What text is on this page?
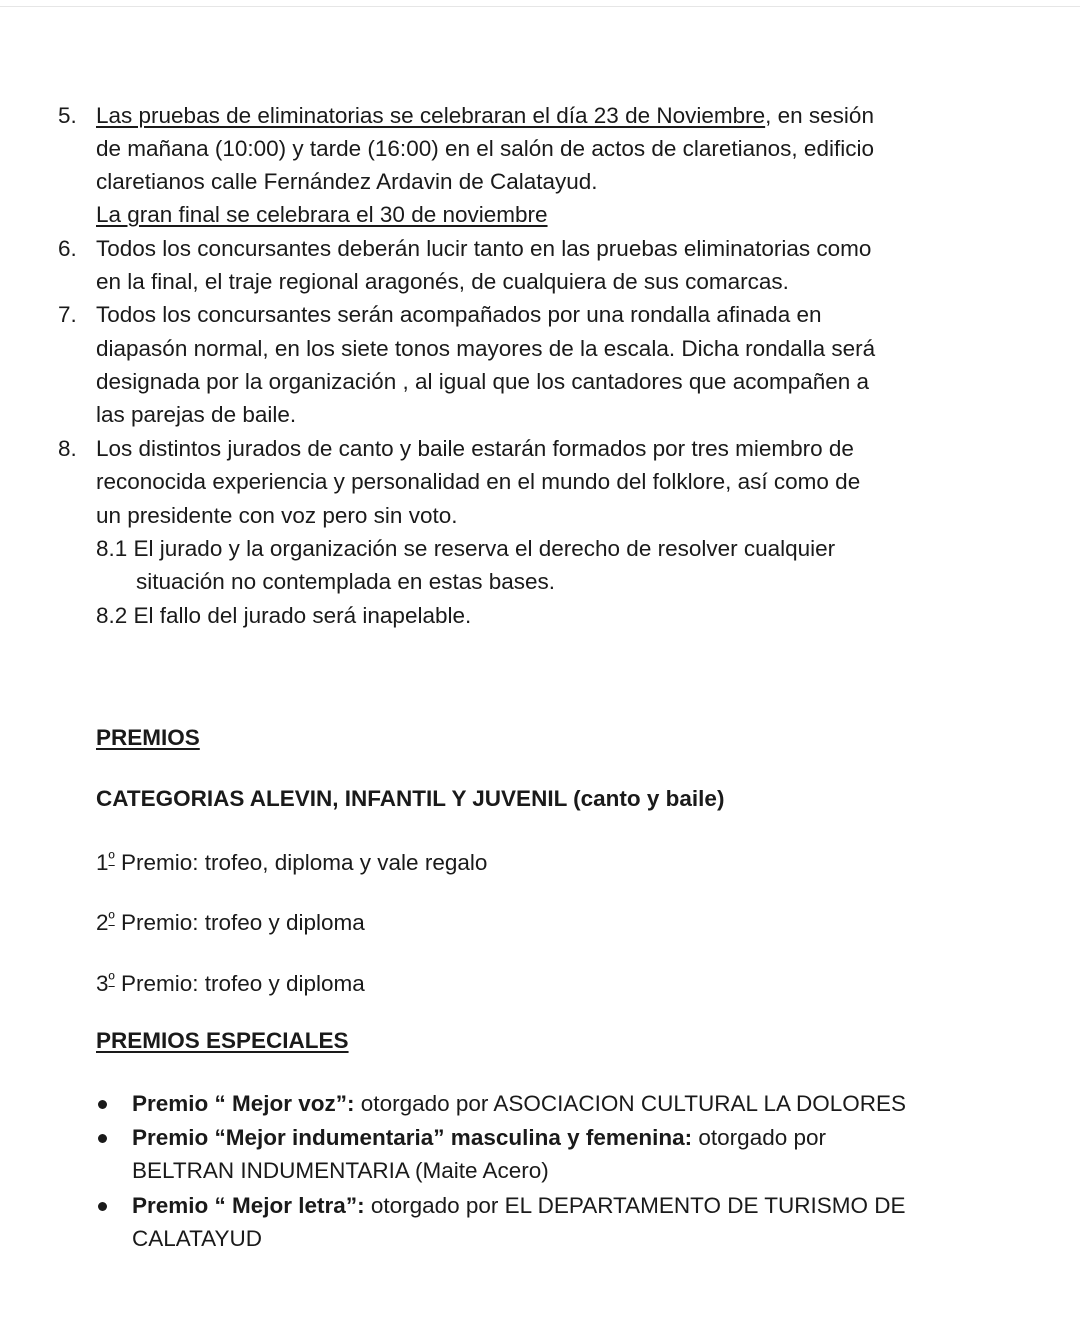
5. Las pruebas de eliminatorias se celebraran el día 23 de Noviembre, en sesión
de mañana (10:00) y tarde (16:00) en el salón de actos de claretianos, edificio
claretianos calle Fernández Ardavin de Calatayud.
La gran final se celebrara el 30 de noviembre
6. Todos los concursantes deberán lucir tanto en las pruebas eliminatorias como
en la final, el traje regional aragonés, de cualquiera de sus comarcas.
7. Todos los concursantes serán acompañados por una rondalla afinada en
diapasón normal, en los siete tonos mayores de la escala. Dicha rondalla será
designada por la organización , al igual que los cantadores que acompañen a
las parejas de baile.
8. Los distintos jurados de canto y baile estarán formados por tres miembro de
reconocida experiencia y personalidad en el mundo del folklore, así como de
un presidente con voz pero sin voto.
8.1 El jurado y la organización se reserva el derecho de resolver cualquier
situación no contemplada en estas bases.
8.2 El fallo del jurado será inapelable.
PREMIOS
CATEGORIAS ALEVIN, INFANTIL Y JUVENIL (canto y baile)
$1^º$ Premio: trofeo, diploma y vale regalo
$2^º$ Premio: trofeo y diploma
$3^º$ Premio: trofeo y diploma
PREMIOS ESPECIALES
Premio “ Mejor voz”: otorgado por ASOCIACION CULTURAL LA DOLORES
Premio “Mejor indumentaria” masculina y femenina: otorgado por
BELTRAN INDUMENTARIA (Maite Acero)
Premio “ Mejor letra”: otorgado por EL DEPARTAMENTO DE TURISMO DE
CALATAYUD
